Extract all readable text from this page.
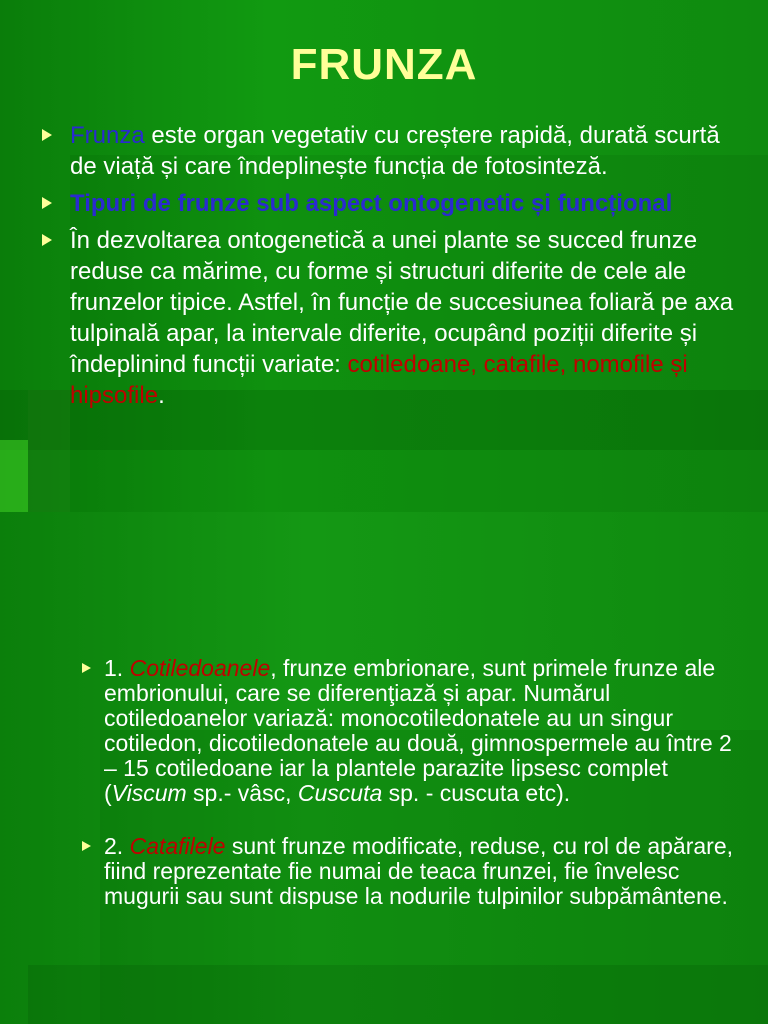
FRUNZA
Frunza este organ vegetativ cu creștere rapidă, durată scurtă de viață și care îndeplinește funcția de fotosinteză.
Tipuri de frunze sub aspect ontogenetic și funcțional
În dezvoltarea ontogenetică a unei plante se succed frunze reduse ca mărime, cu forme și structuri diferite de cele ale frunzelor tipice. Astfel, în funcție de succesiunea foliară pe axa tulpinală apar, la intervale diferite, ocupând poziții diferite și îndeplinind funcții variate: cotiledoane, catafile, nomofile și hipsofile.
1. Cotiledoanele, frunze embrionare, sunt primele frunze ale embrionului, care se diferenţiază și apar. Numărul cotiledoanelor variază: monocotiledonatele au un singur cotiledon, dicotiledonatele au două, gimnospermele au între 2 – 15 cotiledoane iar la plantele parazite lipsesc complet (Viscum sp.- vâsc, Cuscuta sp. - cuscuta etc).
2. Catafilele sunt frunze modificate, reduse, cu rol de apărare, fiind reprezentate fie numai de teaca frunzei, fie învelesc mugurii sau sunt dispuse la nodurile tulpinilor subpământene.
